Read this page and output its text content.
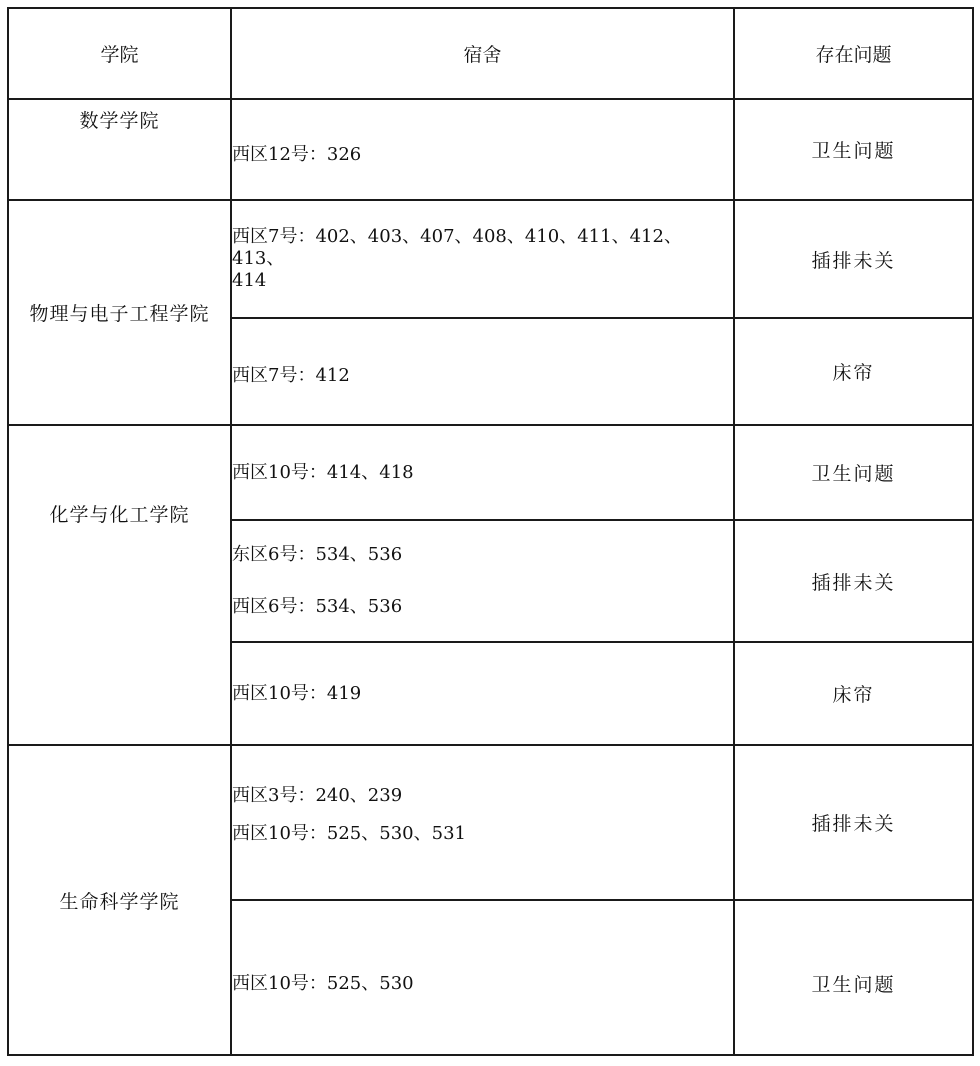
学院	宿舍	存在问题
数学学院	西区12号：326	卫生问题
物理与电子工程学院	西区7号：402、403、407、408、410、411、412、413、
414	插排未关

	西区7号：412	床帘

化学与化工学院	西区10号：414、418	卫生问题

	东区6号：534、536
西区6号：534、536	插排未关

	西区10号：419	床帘
生命科学学院	西区3号：240、239
西区10号：525、530、531	插排未关

	西区10号：525、530	卫生问题
